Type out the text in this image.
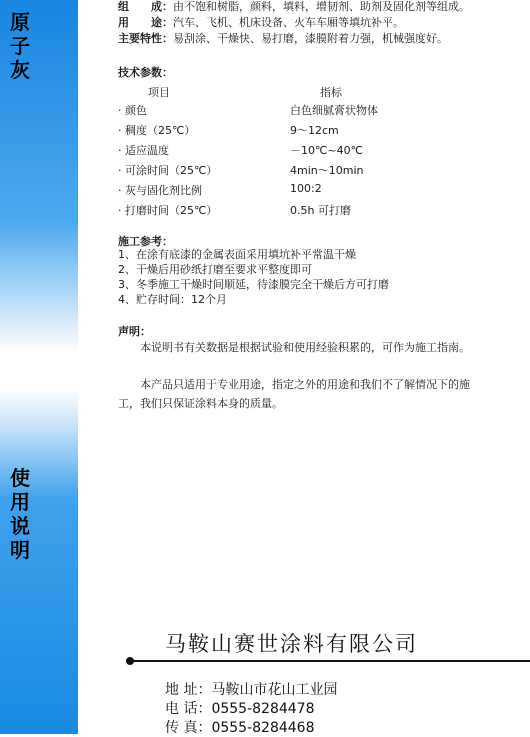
原
子
灰
使
用
说
明
组　　成：由不饱和树脂，颜料，填料，增韧剂、助剂及固化剂等组成。
用　　途：汽车、飞机、机床设备、火车车厢等填坑补平。
主要特性：易刮涂、干燥快、易打磨，漆膜附着力强，机械强度好。
技术参数：
项目	指标
· 颜色	白色细腻膏状物体
· 稠度（25℃）	9～12cm
· 适应温度	－10℃~40℃
· 可涂时间（25℃）	4min～10min
· 灰与固化剂比例	100:2
· 打磨时间（25℃）	0.5h 可打磨
施工参考：
1、在涂有底漆的金属表面采用填坑补平常温干燥
2、干燥后用砂纸打磨至要求平整度即可
3、冬季施工干燥时间顺延，待漆膜完全干燥后方可打磨
4、贮存时间：12个月
声明：
本说明书有关数据是根据试验和使用经验积累的，可作为施工指南。
本产品只适用于专业用途，指定之外的用途和我们不了解情况下的施工，我们只保证涂料本身的质量。
马鞍山赛世涂料有限公司
地 址：马鞍山市花山工业园
电 话：0555-8284478
传 真：0555-8284468
